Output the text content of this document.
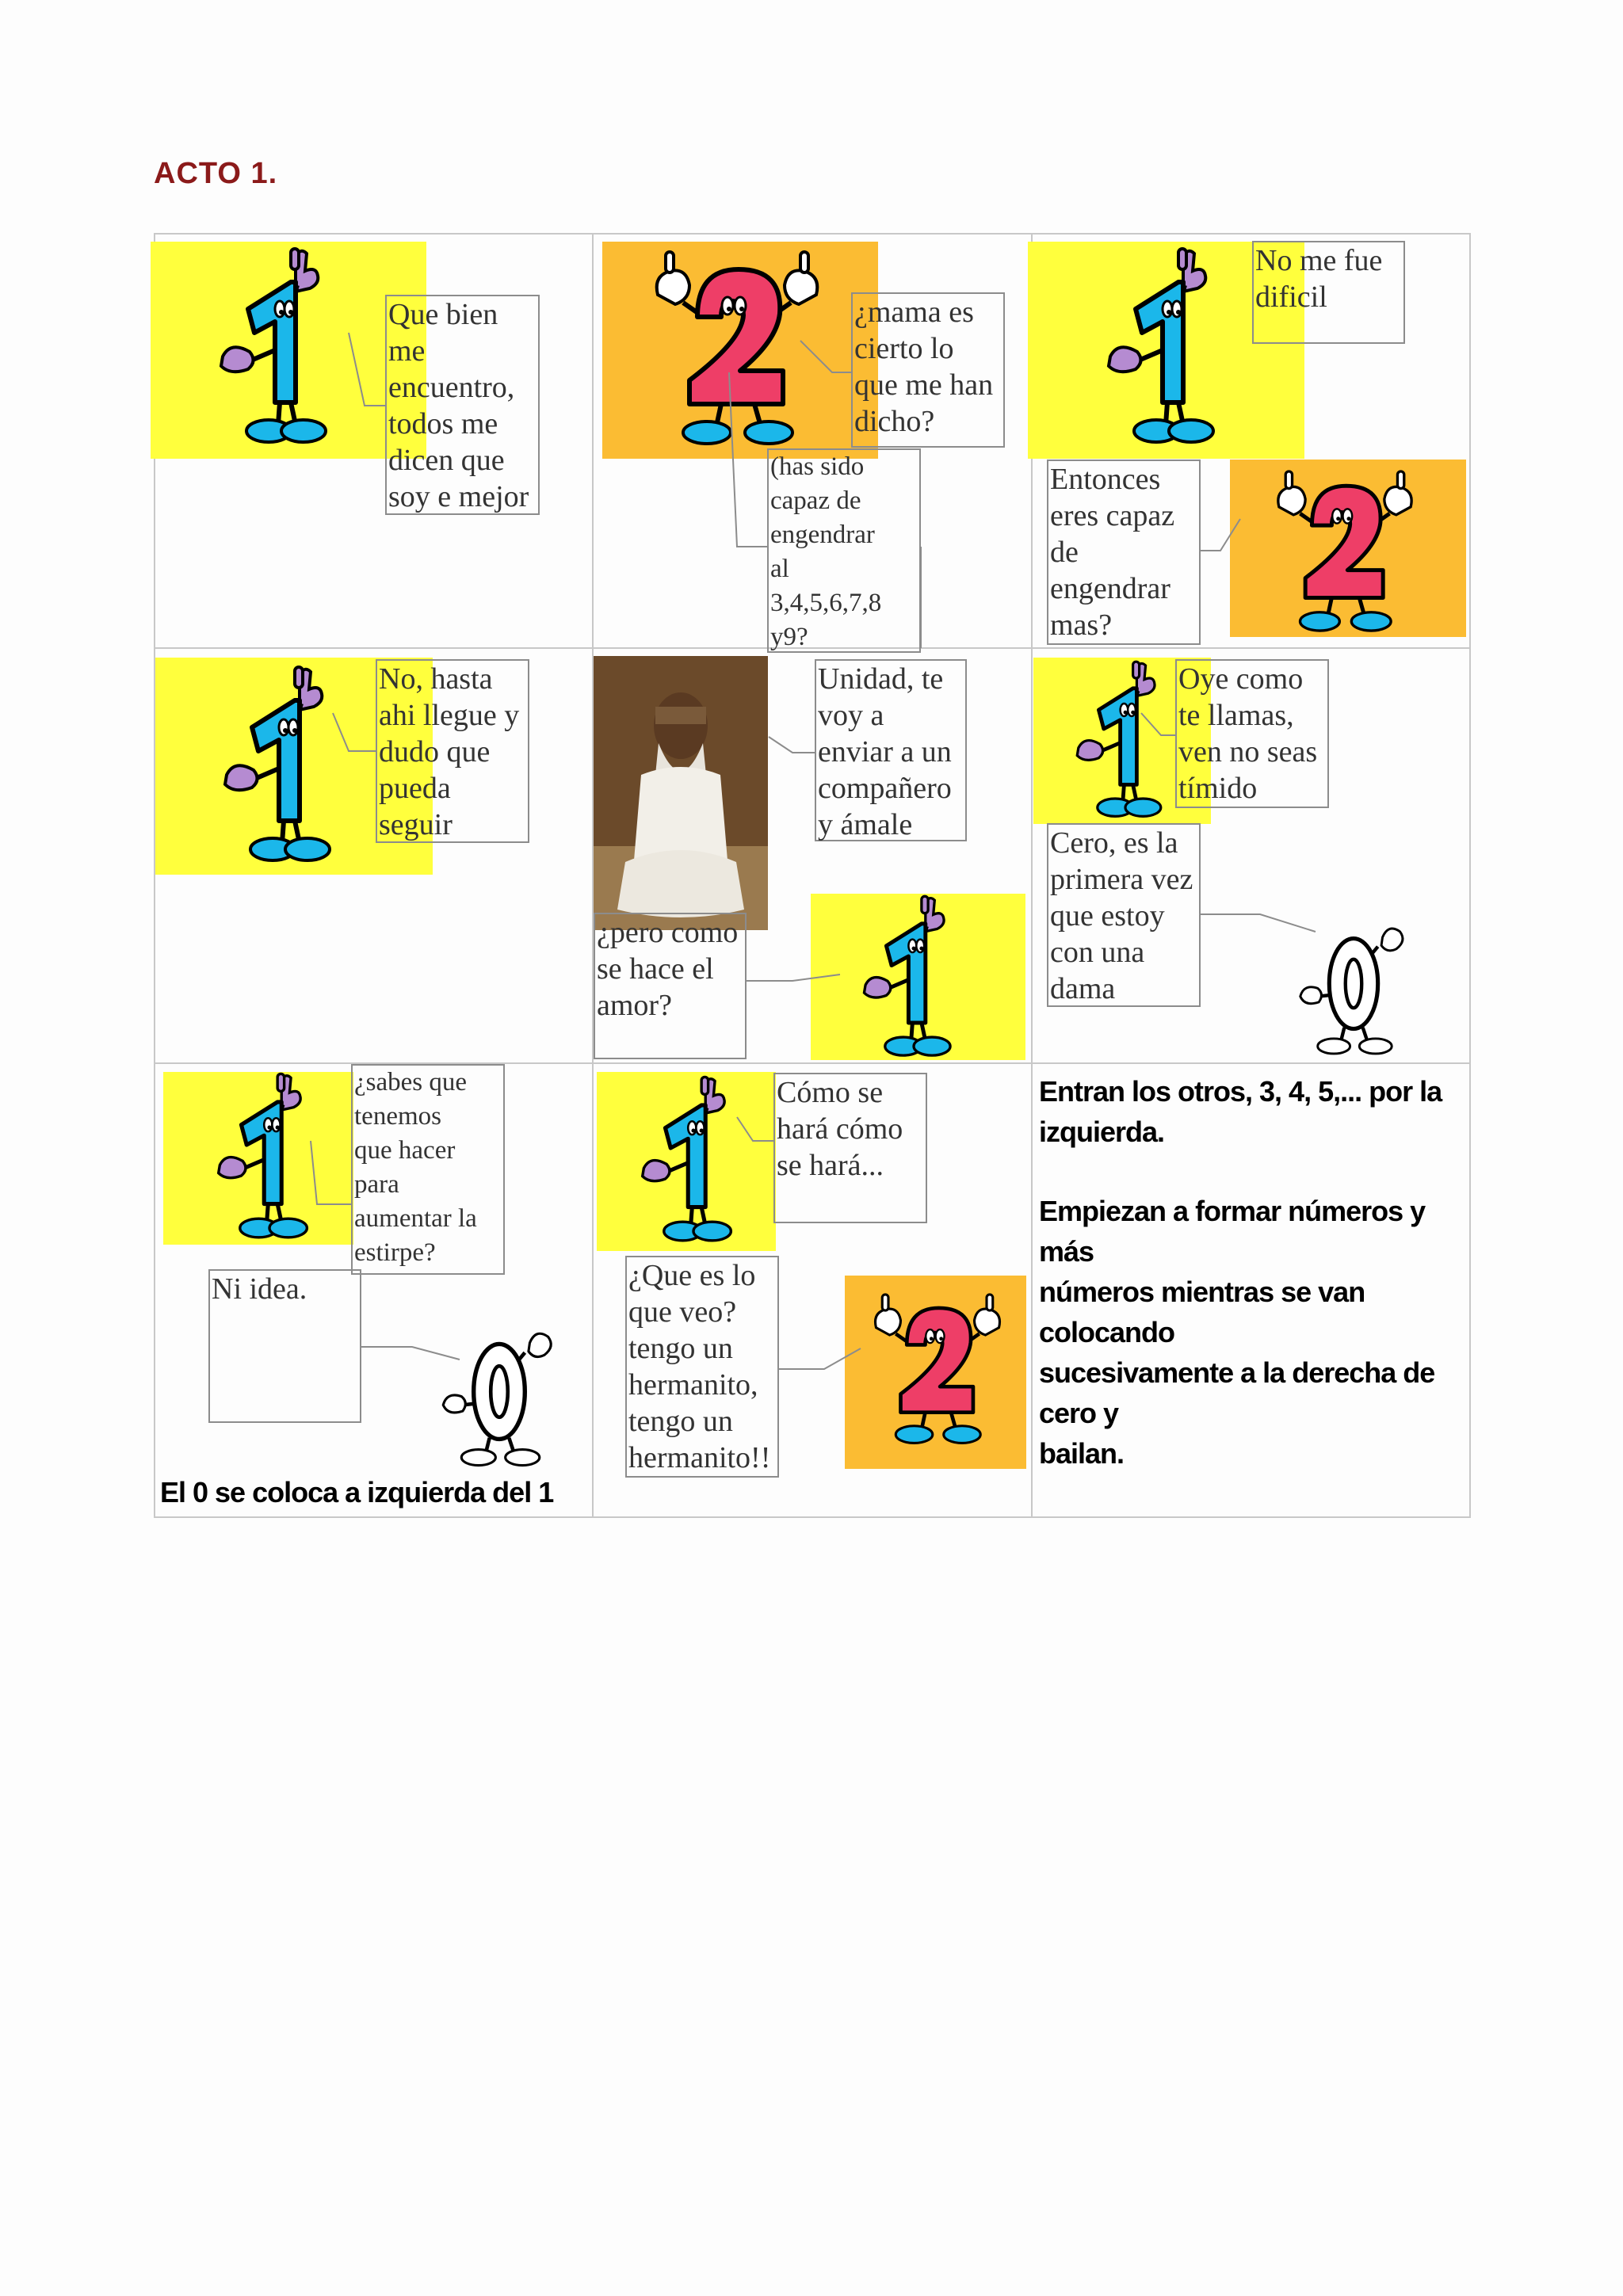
ACTO 1.
Que bien
me
encuentro,
todos me
dicen que
soy e mejor
¿mama es
cierto lo
que me han
dicho?
(has sido
capaz de
engendrar
al
3,4,5,6,7,8
y9?
No me fue
dificil
Entonces
eres capaz
de
engendrar
mas?
No, hasta
ahi llegue y
dudo que
pueda
seguir
Unidad, te
voy a
enviar a un
compañero
y ámale
¿pero como
se hace el
amor?
Oye como
te llamas,
ven no seas
tímido
Cero, es la
primera vez
que estoy
con una
dama
¿sabes que
tenemos
que hacer
para
aumentar la
estirpe?
Ni idea.
El 0 se coloca a izquierda del 1
Cómo se
hará cómo
se hará...
¿Que es lo
que veo?
tengo un
hermanito,
tengo un
hermanito!!
Entran los otros, 3, 4, 5,... por la izquierda.
Empiezan a formar números y más
números mientras se van colocando
sucesivamente a la derecha de cero y
bailan.
